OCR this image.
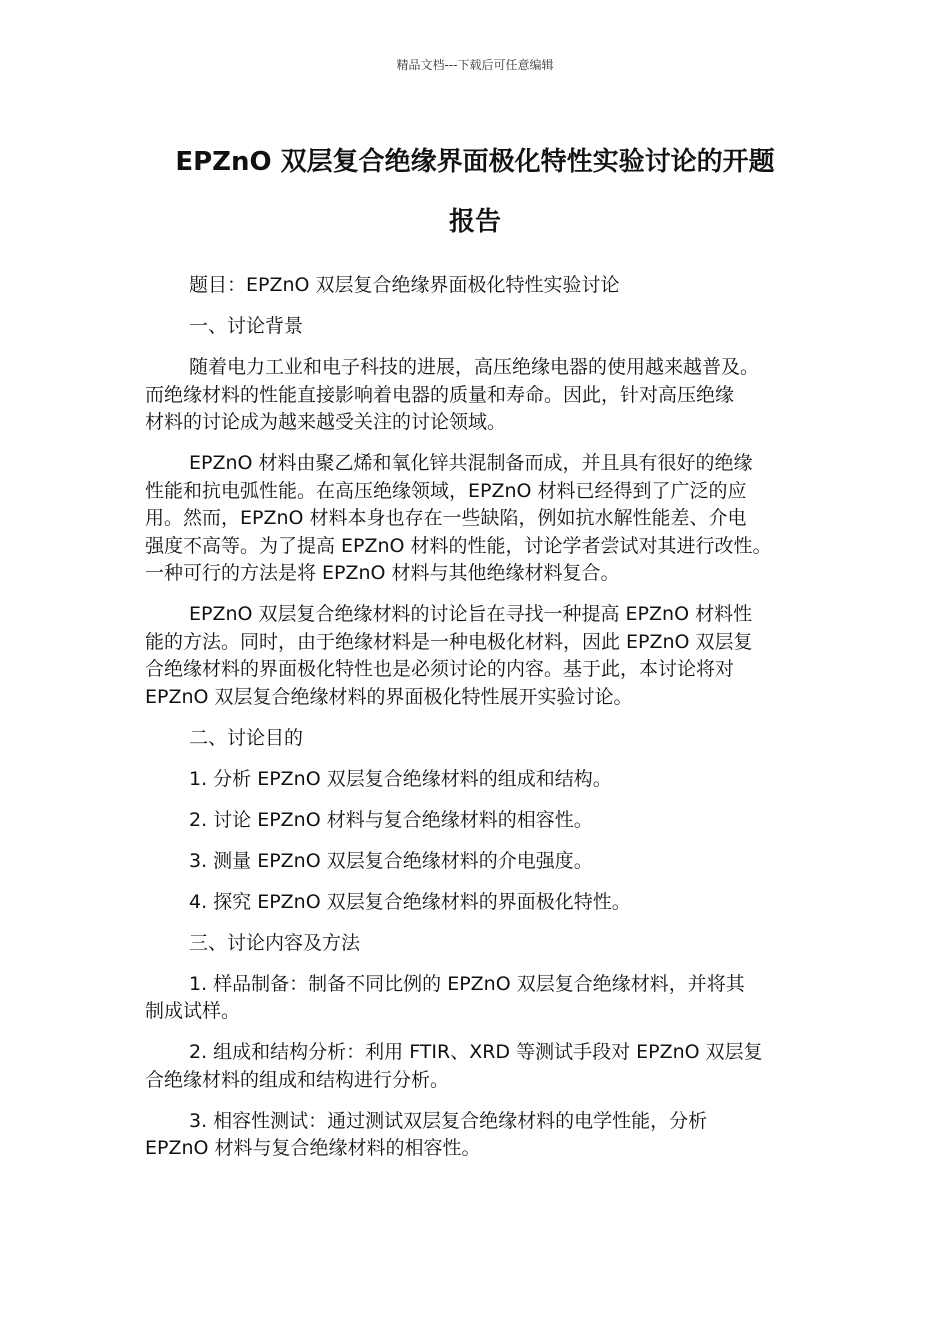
精品文档---下载后可任意编辑
EPZnO 双层复合绝缘界面极化特性实验讨论的开题
报告
题目：EPZnO 双层复合绝缘界面极化特性实验讨论
一、讨论背景
随着电力工业和电子科技的进展，高压绝缘电器的使用越来越普及。
而绝缘材料的性能直接影响着电器的质量和寿命。因此，针对高压绝缘
材料的讨论成为越来越受关注的讨论领域。
EPZnO 材料由聚乙烯和氧化锌共混制备而成，并且具有很好的绝缘
性能和抗电弧性能。在高压绝缘领域，EPZnO 材料已经得到了广泛的应
用。然而，EPZnO 材料本身也存在一些缺陷，例如抗水解性能差、介电
强度不高等。为了提高 EPZnO 材料的性能，讨论学者尝试对其进行改性。
一种可行的方法是将 EPZnO 材料与其他绝缘材料复合。
EPZnO 双层复合绝缘材料的讨论旨在寻找一种提高 EPZnO 材料性
能的方法。同时，由于绝缘材料是一种电极化材料，因此 EPZnO 双层复
合绝缘材料的界面极化特性也是必须讨论的内容。基于此，本讨论将对
EPZnO 双层复合绝缘材料的界面极化特性展开实验讨论。
二、讨论目的
1. 分析 EPZnO 双层复合绝缘材料的组成和结构。
2. 讨论 EPZnO 材料与复合绝缘材料的相容性。
3. 测量 EPZnO 双层复合绝缘材料的介电强度。
4. 探究 EPZnO 双层复合绝缘材料的界面极化特性。
三、讨论内容及方法
1. 样品制备：制备不同比例的 EPZnO 双层复合绝缘材料，并将其
制成试样。
2. 组成和结构分析：利用 FTIR、XRD 等测试手段对 EPZnO 双层复
合绝缘材料的组成和结构进行分析。
3. 相容性测试：通过测试双层复合绝缘材料的电学性能，分析
EPZnO 材料与复合绝缘材料的相容性。
